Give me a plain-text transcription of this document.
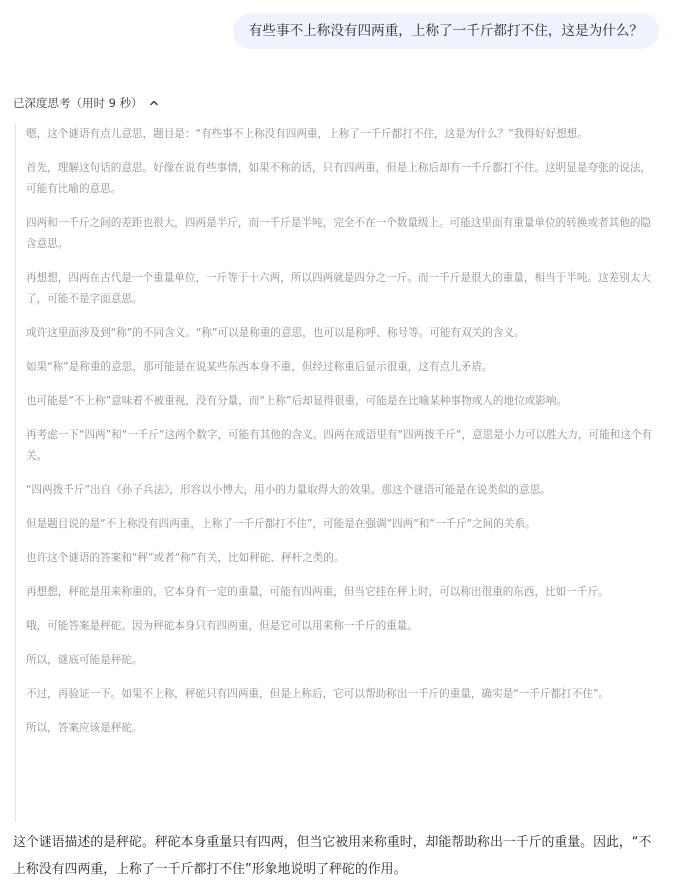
有些事不上称没有四两重，上称了一千斤都打不住，这是为什么？
已深度思考（用时 9 秒）

嗯，这个谜语有点儿意思，题目是：“有些事不上称没有四两重，上称了一千斤都打不住，这是为什么？”我得好好想想。

首先，理解这句话的意思。好像在说有些事情，如果不称的话，只有四两重，但是上称后却有一千斤都打不住。这明显是夸张的说法，可能有比喻的意思。

四两和一千斤之间的差距也很大，四两是半斤，而一千斤是半吨，完全不在一个数量级上。可能这里面有重量单位的转换或者其他的隐含意思。

再想想，四两在古代是一个重量单位，一斤等于十六两，所以四两就是四分之一斤。而一千斤是很大的重量，相当于半吨。这差别太大了，可能不是字面意思。

或许这里面涉及到“称”的不同含义。“称”可以是称重的意思，也可以是称呼、称号等。可能有双关的含义。

如果“称”是称重的意思，那可能是在说某些东西本身不重，但经过称重后显示很重，这有点儿矛盾。

也可能是“不上称”意味着不被重视，没有分量，而“上称”后却显得很重，可能是在比喻某种事物或人的地位或影响。

再考虑一下“四两”和“一千斤”这两个数字，可能有其他的含义。四两在成语里有“四两拨千斤”，意思是小力可以胜大力，可能和这个有关。

“四两拨千斤”出自《孙子兵法》，形容以小博大，用小的力量取得大的效果。那这个谜语可能是在说类似的意思。

但是题目说的是“不上称没有四两重，上称了一千斤都打不住”，可能是在强调“四两”和“一千斤”之间的关系。

也许这个谜语的答案和“秤”或者“称”有关，比如秤砣、秤杆之类的。

再想想，秤砣是用来称重的，它本身有一定的重量，可能有四两重，但当它挂在秤上时，可以称出很重的东西，比如一千斤。

哦，可能答案是秤砣。因为秤砣本身只有四两重，但是它可以用来称一千斤的重量。

所以，谜底可能是秤砣。

不过，再验证一下。如果不上称，秤砣只有四两重，但是上称后，它可以帮助称出一千斤的重量，确实是“一千斤都打不住”。

所以，答案应该是秤砣。

这个谜语描述的是秤砣。秤砣本身重量只有四两，但当它被用来称重时，却能帮助称出一千斤的重量。因此，“不上称没有四两重，上称了一千斤都打不住”形象地说明了秤砣的作用。
